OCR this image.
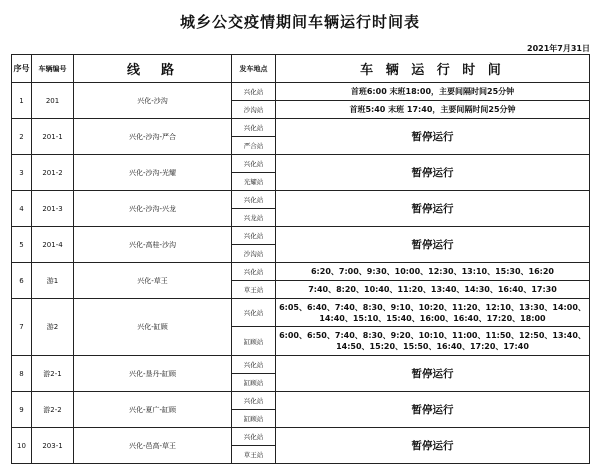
城乡公交疫情期间车辆运行时间表
2021年7月31日
序号	车辆编号	线　路	发车地点	车 辆 运 行 时 间
1	201	兴化-沙沟	兴化站	首班6:00 末班18:00，主要间隔时间25分钟
			沙沟站	首班5:40 末班 17:40，主要间隔时间25分钟
2	201-1	兴化-沙沟-严合	兴化站	暂停运行
			严合站	
3	201-2	兴化-沙沟-光耀	兴化站	暂停运行
			光耀站	
4	201-3	兴化-沙沟-兴龙	兴化站	暂停运行
			兴龙站	
5	201-4	兴化-高桂-沙沟	兴化站	暂停运行
			沙沟站	
6	游1	兴化-草王	兴化站	6:20、7:00、9:30、10:00、12:30、13:10、15:30、16:20
			草王站	7:40、8:20、10:40、11:20、13:40、14:30、16:40、17:30
7	游2	兴化-缸顾	兴化站	6:05、6:40、7:40、8:30、9:10、10:20、11:20、12:10、13:30、14:00、14:40、15:10、15:40、16:00、16:40、17:20、18:00
			缸顾站	6:00、6:50、7:40、8:30、9:20、10:10、11:00、11:50、12:50、13:40、14:50、15:20、15:50、16:40、17:20、17:40
8	游2-1	兴化-垦丹-缸顾	兴化站	暂停运行
			缸顾站	
9	游2-2	兴化-夏广-缸顾	兴化站	暂停运行
			缸顾站	
10	203-1	兴化-邑高-草王	兴化站	暂停运行
			草王站	
